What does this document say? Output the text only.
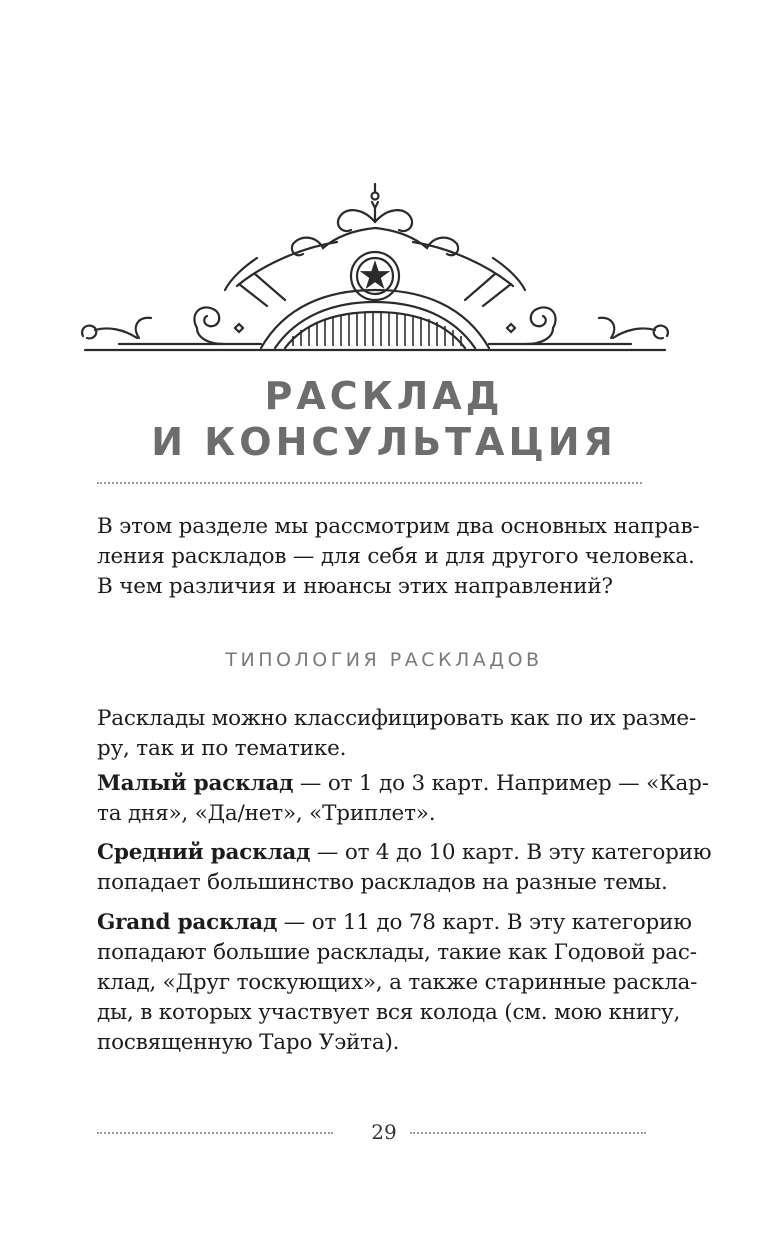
РАСКЛАД
И КОНСУЛЬТАЦИЯ

В этом разделе мы рассмотрим два основных направ-
ления раскладов — для себя и для другого человека.
В чем различия и нюансы этих направлений?

ТИПОЛОГИЯ РАСКЛАДОВ

Расклады можно классифицировать как по их разме-
ру, так и по тематике.

Малый расклад — от 1 до 3 карт. Например — «Кар-
та дня», «Да/нет», «Триплет».

Средний расклад — от 4 до 10 карт. В эту категорию
попадает большинство раскладов на разные темы.

Grand расклад — от 11 до 78 карт. В эту категорию
попадают большие расклады, такие как Годовой рас-
клад, «Друг тоскующих», а также старинные расклa-
ды, в которых участвует вся колода (см. мою книгу,
посвященную Таро Уэйта).

29
